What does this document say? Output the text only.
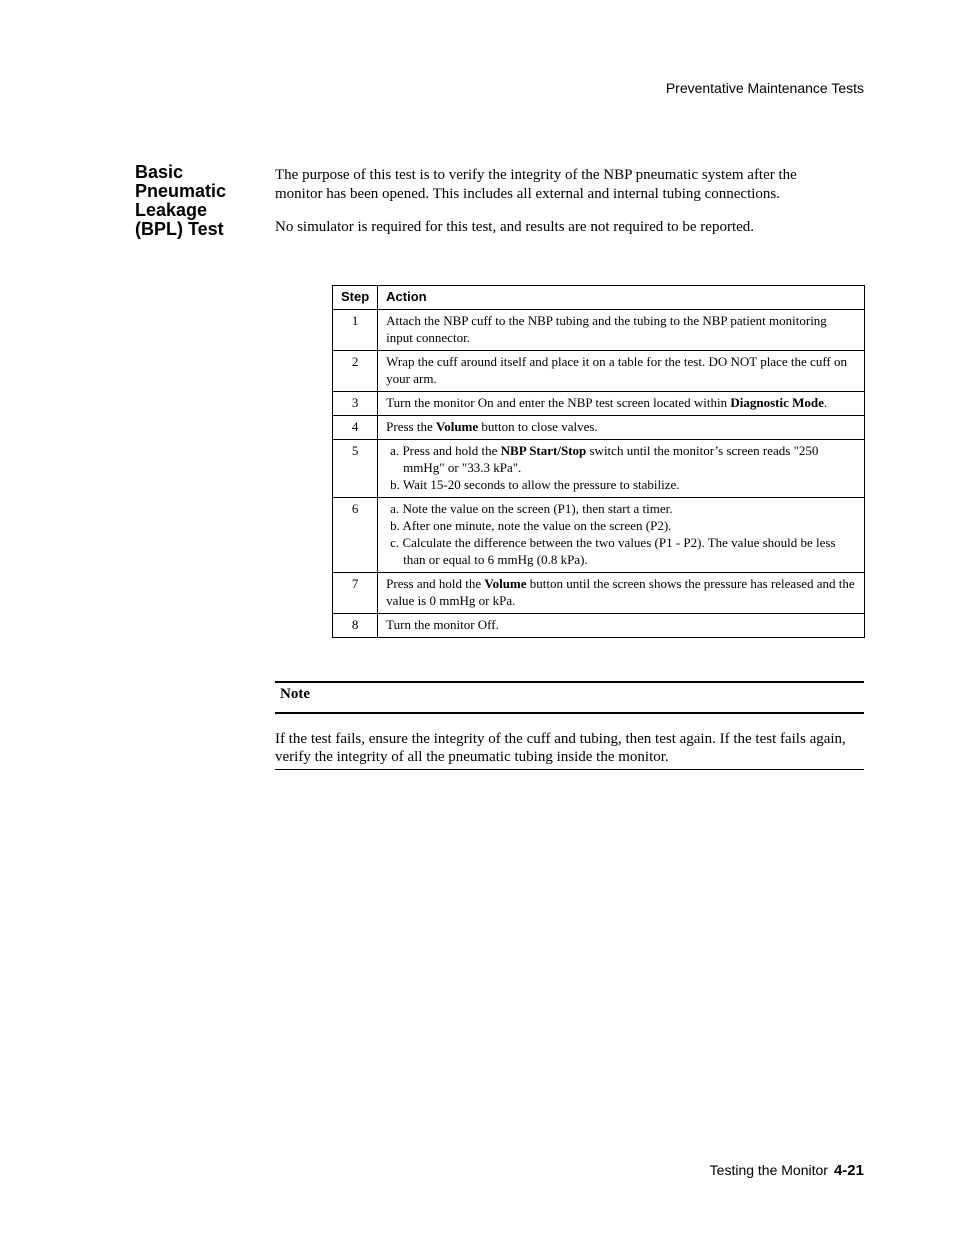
Preventative Maintenance Tests
Basic
Pneumatic
Leakage
(BPL) Test

The purpose of this test is to verify the integrity of the NBP pneumatic system after the monitor has been opened. This includes all external and internal tubing connections.

No simulator is required for this test, and results are not required to be reported.

Step	Action
1	Attach the NBP cuff to the NBP tubing and the tubing to the NBP patient monitoring input connector.
2	Wrap the cuff around itself and place it on a table for the test. DO NOT place the cuff on your arm.
3	Turn the monitor On and enter the NBP test screen located within Diagnostic Mode.
4	Press the Volume button to close valves.
5	a. Press and hold the NBP Start/Stop switch until the monitor’s screen reads "250 mmHg" or "33.3 kPa".
b. Wait 15-20 seconds to allow the pressure to stabilize.

6	a. Note the value on the screen (P1), then start a timer.
b. After one minute, note the value on the screen (P2).
c. Calculate the difference between the two values (P1 - P2). The value should be less than or equal to 6 mmHg (0.8 kPa).

7	Press and hold the Volume button until the screen shows the pressure has released and the value is 0 mmHg or kPa.
8	Turn the monitor Off.
Note
If the test fails, ensure the integrity of the cuff and tubing, then test again. If the test fails again, verify the integrity of all the pneumatic tubing inside the monitor.
Testing the Monitor 4-21
